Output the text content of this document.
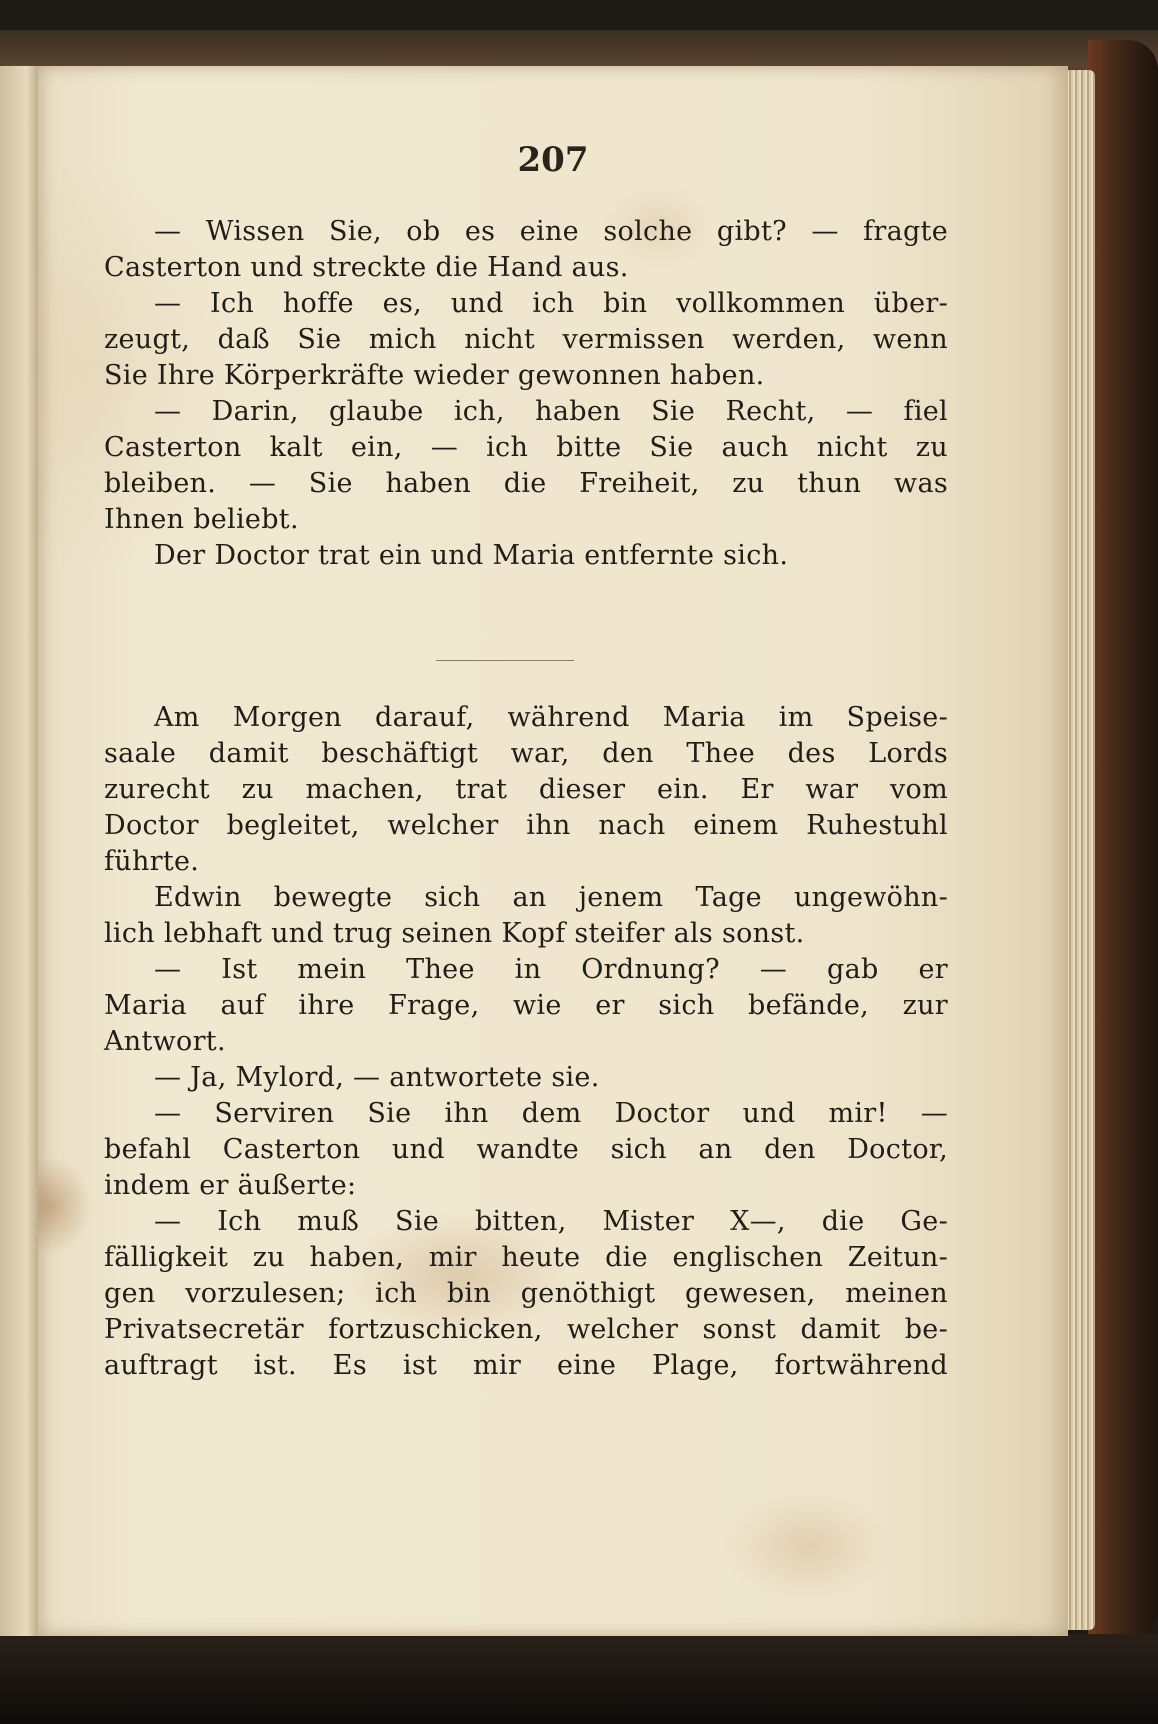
207
— Wissen Sie, ob es eine solche gibt? — fragte
Casterton und streckte die Hand aus.
— Ich hoffe es, und ich bin vollkommen über-
zeugt, daß Sie mich nicht vermissen werden, wenn
Sie Ihre Körperkräfte wieder gewonnen haben.
— Darin, glaube ich, haben Sie Recht, — fiel
Casterton kalt ein, — ich bitte Sie auch nicht zu
bleiben. — Sie haben die Freiheit, zu thun was
Ihnen beliebt.
Der Doctor trat ein und Maria entfernte sich.
Am Morgen darauf, während Maria im Speise-
saale damit beschäftigt war, den Thee des Lords
zurecht zu machen, trat dieser ein. Er war vom
Doctor begleitet, welcher ihn nach einem Ruhestuhl
führte.
Edwin bewegte sich an jenem Tage ungewöhn-
lich lebhaft und trug seinen Kopf steifer als sonst.
— Ist mein Thee in Ordnung? — gab er
Maria auf ihre Frage, wie er sich befände, zur
Antwort.
— Ja, Mylord, — antwortete sie.
— Serviren Sie ihn dem Doctor und mir! —
befahl Casterton und wandte sich an den Doctor,
indem er äußerte:
— Ich muß Sie bitten, Mister X—, die Ge-
fälligkeit zu haben, mir heute die englischen Zeitun-
gen vorzulesen; ich bin genöthigt gewesen, meinen
Privatsecretär fortzuschicken, welcher sonst damit be-
auftragt ist. Es ist mir eine Plage, fortwährend
